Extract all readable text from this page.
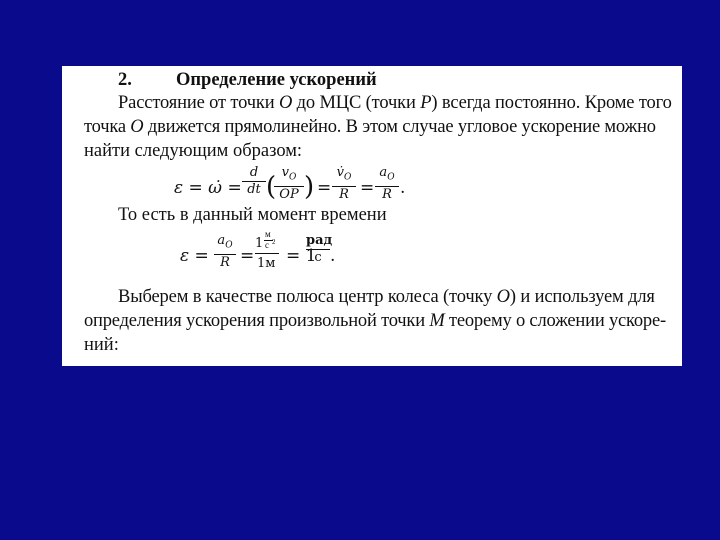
2. Определение ускорений
Расстояние от точки O до МЦС (точки P) всегда постоянно. Кроме того
точка O движется прямолинейно. В этом случае угловое ускорение можно
найти следующим образом:
ε = ω̇ =
d
dt ( $v_O$
OP ) =
$v̇_O$
R =
$a_O$
R .
То есть в данный момент времени
ε =
$a_O$
R =
1
м
с 2
1м = 1
рад
с .
Выберем в качестве полюса центр колеса (точку O) и используем для
определения ускорения произвольной точки M теорему о сложении ускоре-
ний:
